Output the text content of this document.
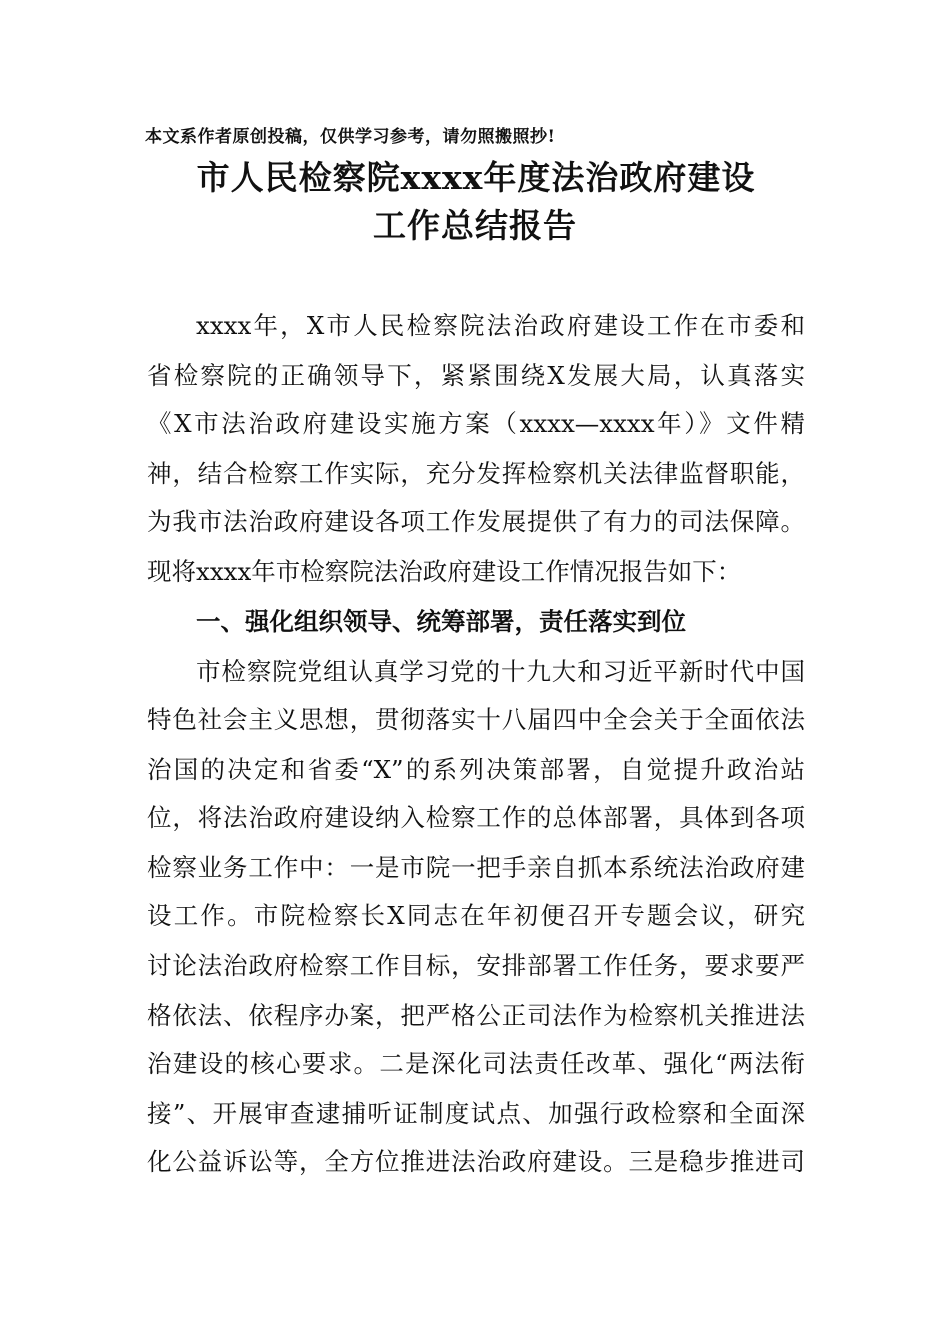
本文系作者原创投稿，仅供学习参考，请勿照搬照抄!
市人民检察院xxxx年度法治政府建设
工作总结报告
xxxx年，X市人民检察院法治政府建设工作在市委和
省检察院的正确领导下，紧紧围绕X发展大局，认真落实
《X市法治政府建设实施方案（xxxx—xxxx年）》文件精
神，结合检察工作实际，充分发挥检察机关法律监督职能，
为我市法治政府建设各项工作发展提供了有力的司法保障。
现将xxxx年市检察院法治政府建设工作情况报告如下：
一、强化组织领导、统筹部署，责任落实到位
市检察院党组认真学习党的十九大和习近平新时代中国
特色社会主义思想，贯彻落实十八届四中全会关于全面依法
治国的决定和省委“X”的系列决策部署，自觉提升政治站
位，将法治政府建设纳入检察工作的总体部署，具体到各项
检察业务工作中：一是市院一把手亲自抓本系统法治政府建
设工作。市院检察长X同志在年初便召开专题会议，研究
讨论法治政府检察工作目标，安排部署工作任务，要求要严
格依法、依程序办案，把严格公正司法作为检察机关推进法
治建设的核心要求。二是深化司法责任改革、强化“两法衔
接”、开展审查逮捕听证制度试点、加强行政检察和全面深
化公益诉讼等，全方位推进法治政府建设。三是稳步推进司
